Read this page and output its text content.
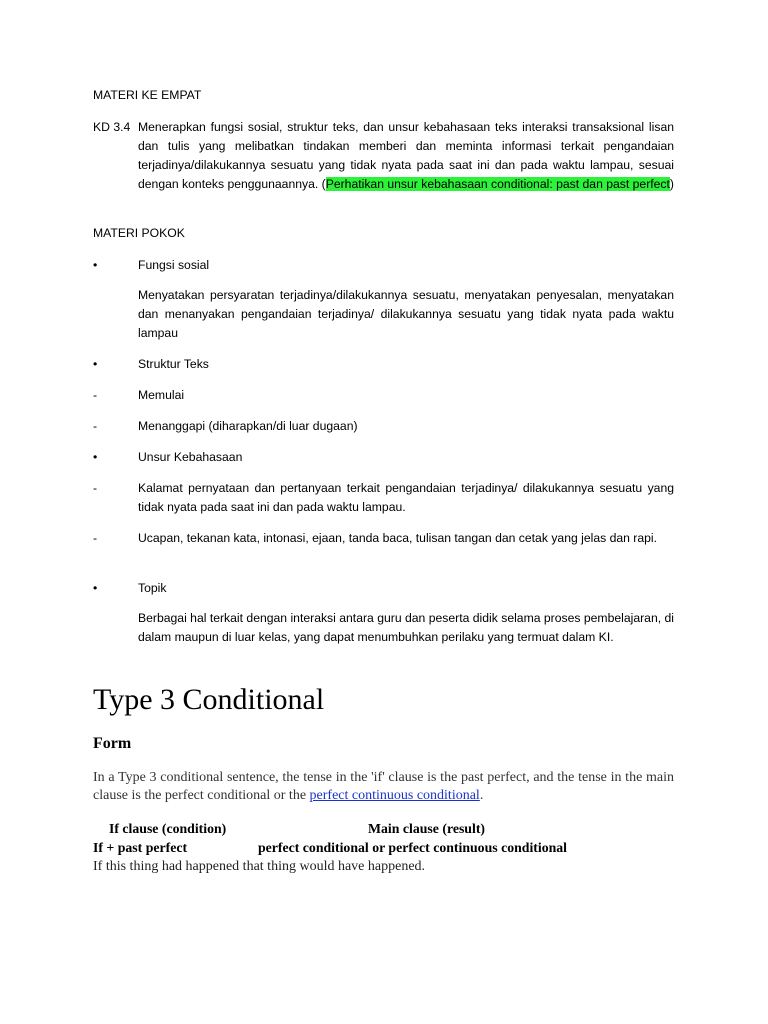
MATERI KE EMPAT
KD 3.4 Menerapkan fungsi sosial, struktur teks, dan unsur kebahasaan teks interaksi transaksional lisan dan tulis yang melibatkan tindakan memberi dan meminta informasi terkait pengandaian terjadinya/dilakukannya sesuatu yang tidak nyata pada saat ini dan pada waktu lampau, sesuai dengan konteks penggunaannya. (Perhatikan unsur kebahasaan conditional: past dan past perfect)
MATERI POKOK
•	Fungsi sosial
Menyatakan persyaratan terjadinya/dilakukannya sesuatu, menyatakan penyesalan, menyatakan dan menanyakan pengandaian terjadinya/ dilakukannya sesuatu yang tidak nyata pada waktu lampau
•	Struktur Teks
-	Memulai
-	Menanggapi (diharapkan/di luar dugaan)
•	Unsur Kebahasaan
-	Kalamat pernyataan dan pertanyaan terkait pengandaian terjadinya/ dilakukannya sesuatu yang tidak nyata pada saat ini dan pada waktu lampau.
-	Ucapan, tekanan kata, intonasi, ejaan, tanda baca, tulisan tangan dan cetak yang jelas dan rapi.
•	Topik
Berbagai hal terkait dengan interaksi antara guru dan peserta didik selama proses pembelajaran, di dalam maupun di luar kelas, yang dapat menumbuhkan perilaku yang termuat dalam KI.
Type 3 Conditional
Form
In a Type 3 conditional sentence, the tense in the 'if' clause is the past perfect, and the tense in the main clause is the perfect conditional or the perfect continuous conditional.
If clause (condition)	Main clause (result)
If + past perfect	perfect conditional or perfect continuous conditional
If this thing had happened that thing would have happened.
